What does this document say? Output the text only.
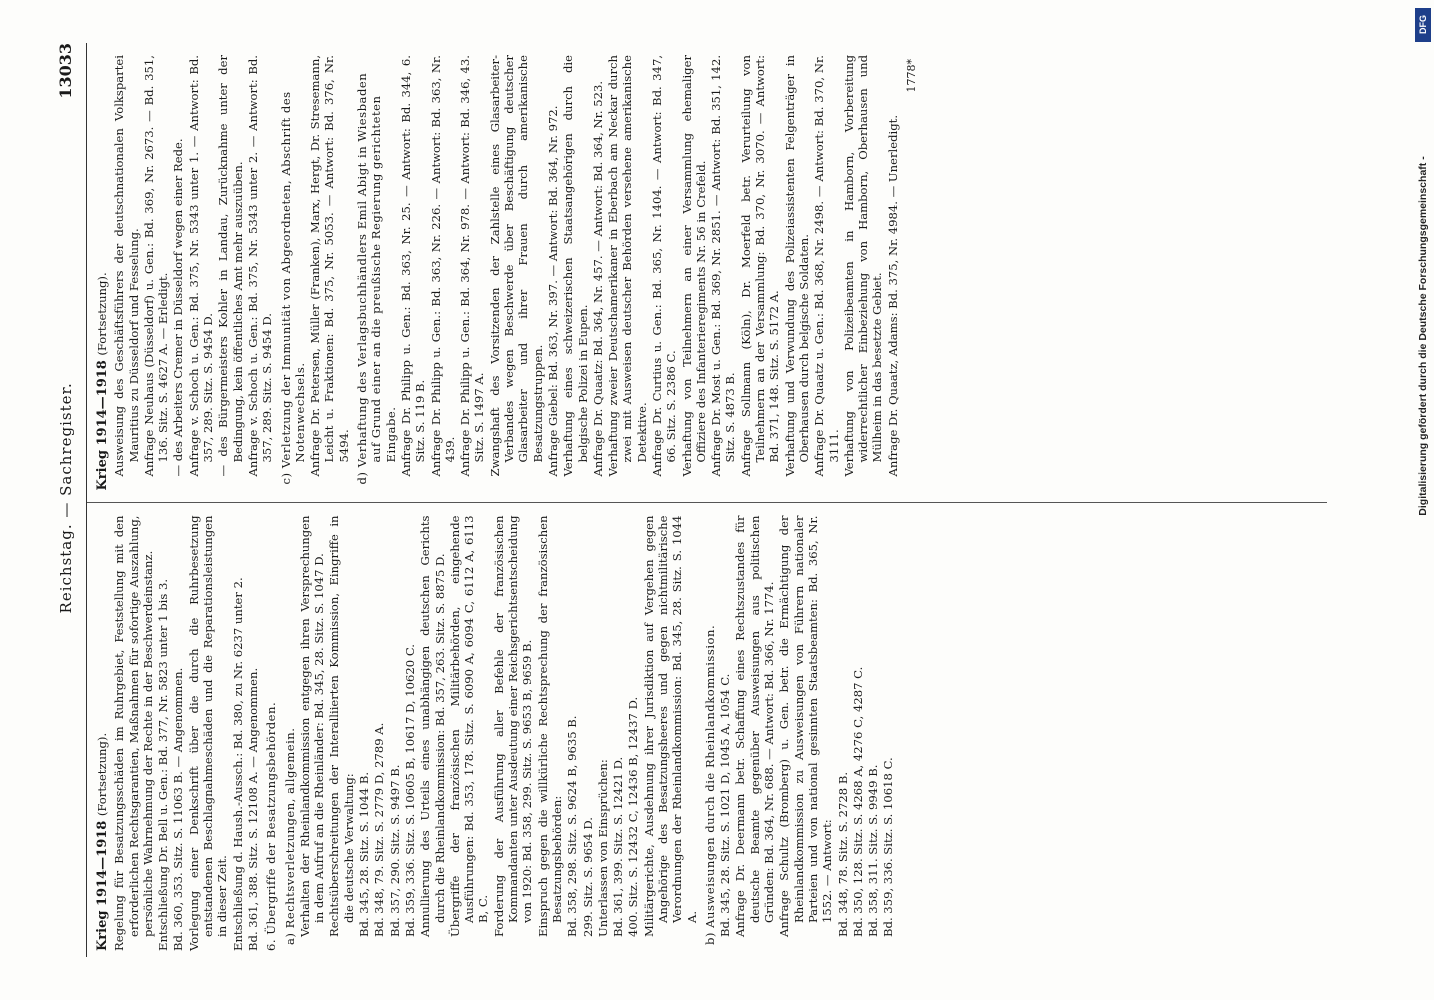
Reichstag. — Sachregister.
13033
Krieg 1914—1918 (Fortsetzung). Regelung für Besatzungsschäden im Ruhrgebiet, Feststellung mit den erforderlichen Rechtsgarantien, Maßnahmen für sofortige Auszahlung, persönliche Wahrnehmung der Rechte in der Beschwerdeinstanz. Entschließung Dr. Bell u. Gen.: Bd. 377, Nr. 5823 unter 1 bis 3. Bd. 360, 353. Sitz. S. 11063 B. — Angenommen. Vorlegung einer Denkschrift über die durch die Ruhrbesetzung entstandenen Beschlagnahmeschäden und die Reparationsleistungen in dieser Zeit. Entschließung d. Haush.-Aussch.: Bd. 380, zu Nr. 6237 unter 2. Bd. 361, 388. Sitz. S. 12108 A. — Angenommen. 6. Übergriffe der Besatzungsbehörden. a) Rechtsverletzungen, allgemein. Verhalten der Rheinlandkommission entgegen ihren Versprechungen in dem Aufruf an die Rheinländer: Bd. 345, 28. Sitz. S. 1047 D. Rechtsüberschreitungen der Interalliierten Kommission, Eingriffe in die deutsche Verwaltung: Bd. 345, 28. Sitz. S. 1044 B. Bd. 348, 79. Sitz. S. 2779 D, 2789 A. Bd. 357, 290. Sitz. S. 9497 B. Bd. 359, 336. Sitz. S. 10605 B, 10617 D, 10620 C. Annullierung des Urteils eines unabhängigen deutschen Gerichts durch die Rheinlandkommission: Bd. 357, 263. Sitz. S. 8875 D. Übergriffe der französischen Militärbehörden, eingehende Ausführungen: Bd. 353, 178. Sitz. S. 6090 A, 6094 C, 6112 A, 6113 B, C. Forderung der Ausführung aller Befehle der französischen Kommandanten unter Ausdeutung einer Reichsgerichtsentscheidung von 1920: Bd. 358, 299. Sitz. S. 9653 B, 9659 B. Einspruch gegen die willkürliche Rechtsprechung der französischen Besatzungsbehörden: Bd. 358, 298. Sitz. S. 9624 B, 9635 B. 299. Sitz. S. 9654 D. Unterlassen von Einsprüchen: Bd. 361, 399. Sitz. S. 12421 D. 400. Sitz. S. 12432 C, 12436 B, 12437 D. Militärgerichte, Ausdehnung ihrer Jurisdiktion auf Vergehen gegen Angehörige des Besatzungsheeres und gegen nichtmilitärische Verordnungen der Rheinlandkommission: Bd. 345, 28. Sitz. S. 1044 A. b) Ausweisungen durch die Rheinlandkommission. Bd. 345, 28. Sitz. S. 1021 D, 1045 A, 1054 C. Anfrage Dr. Deermann betr. Schaffung eines Rechtszustandes für deutsche Beamte gegenüber Ausweisungen aus politischen Gründen: Bd. 364, Nr. 688. — Antwort: Bd. 366, Nr. 1774. Anfrage Schultz (Bromberg) u. Gen. betr. die Ermächtigung der Rheinlandkommission zu Ausweisungen von Führern nationaler Parteien und von national gesinnten Staatsbeamten: Bd. 365, Nr. 1552. — Antwort: Bd. 348, 78. Sitz. S. 2728 B. Bd. 350, 128. Sitz. S. 4268 A, 4276 C, 4287 C. Bd. 358, 311. Sitz. S. 9949 B. Bd. 359, 336. Sitz. S. 10618 C.
Krieg 1914—1918 (Fortsetzung). Ausweisung des Geschäftsführers der deutschnationalen Volkspartei Mauritius zu Düsseldorf und Fesselung. Anfrage Neuhaus (Düsseldorf) u. Gen.: Bd. 369, Nr. 2673. — Bd. 351, 136. Sitz. S. 4627 A. — Erledigt. — des Arbeiters Cremer in Düsseldorf wegen einer Rede. Anfrage v. Schoch u. Gen.: Bd. 375, Nr. 5343 unter 1. — Antwort: Bd. 357, 289. Sitz. S. 9454 D. — des Bürgermeisters Kohler in Landau, Zurücknahme unter der Bedingung, kein öffentliches Amt mehr auszuüben. Anfrage v. Schoch u. Gen.: Bd. 375, Nr. 5343 unter 2. — Antwort: Bd. 357, 289. Sitz. S. 9454 D. c) Verletzung der Immunität von Abgeordneten, Abschrift des Notenwechsels. Anfrage Dr. Petersen, Müller (Franken), Marx, Hergt, Dr. Stresemann, Leicht u. Fraktionen: Bd. 375, Nr. 5053. — Antwort: Bd. 376, Nr. 5494. d) Verhaftung des Verlagsbuchhändlers Emil Abigt in Wiesbaden auf Grund einer an die preußische Regierung gerichteten Eingabe. Anfrage Dr. Philipp u. Gen.: Bd. 363, Nr. 25. — Antwort: Bd. 344, 6. Sitz. S. 119 B. Anfrage Dr. Philipp u. Gen.: Bd. 363, Nr. 226. — Antwort: Bd. 363, Nr. 439. Anfrage Dr. Philipp u. Gen.: Bd. 364, Nr. 978. — Antwort: Bd. 346, 43. Sitz. S. 1497 A. Zwangshaft des Vorsitzenden der Zahlstelle eines Glasarbeiter-Verbandes wegen Beschwerde über Beschäftigung deutscher Glasarbeiter und ihrer Frauen durch amerikanische Besatzungstruppen. Anfrage Giebel: Bd. 363, Nr. 397. — Antwort: Bd. 364, Nr. 972. Verhaftung eines schweizerischen Staatsangehörigen durch die belgische Polizei in Eupen. Anfrage Dr. Quaatz: Bd. 364, Nr. 457. — Antwort: Bd. 364, Nr. 523. Verhaftung zweier Deutschamerikaner in Eberbach am Neckar durch zwei mit Ausweisen deutscher Behörden versehene amerikanische Detektive. Anfrage Dr. Curtius u. Gen.: Bd. 365, Nr. 1404. — Antwort: Bd. 347, 66. Sitz. S. 2386 C. Verhaftung von Teilnehmern an einer Versammlung ehemaliger Offiziere des Infanterieregiments Nr. 56 in Crefeld. Anfrage Dr. Most u. Gen.: Bd. 369, Nr. 2851. — Antwort: Bd. 351, 142. Sitz. S. 4873 B. Anfrage Sollmann (Köln), Dr. Moerfeld betr. Verurteilung von Teilnehmern an der Versammlung: Bd. 370, Nr. 3070. — Antwort: Bd. 371, 148. Sitz. S. 5172 A. Verhaftung und Verwundung des Polizeiassistenten Felgenträger in Oberhausen durch belgische Soldaten. Anfrage Dr. Quaatz u. Gen.: Bd. 368, Nr. 2498. — Antwort: Bd. 370, Nr. 3111. Verhaftung von Polizeibeamten in Hamborn, Vorbereitung widerrechtlicher Einbeziehung von Hamborn, Oberhausen und Mülheim in das besetzte Gebiet. Anfrage Dr. Quaatz, Adams: Bd. 375, Nr. 4984. — Unerledigt.
1778*
DFG
Digitalisierung gefördert durch die Deutsche Forschungsgemeinschaft -
